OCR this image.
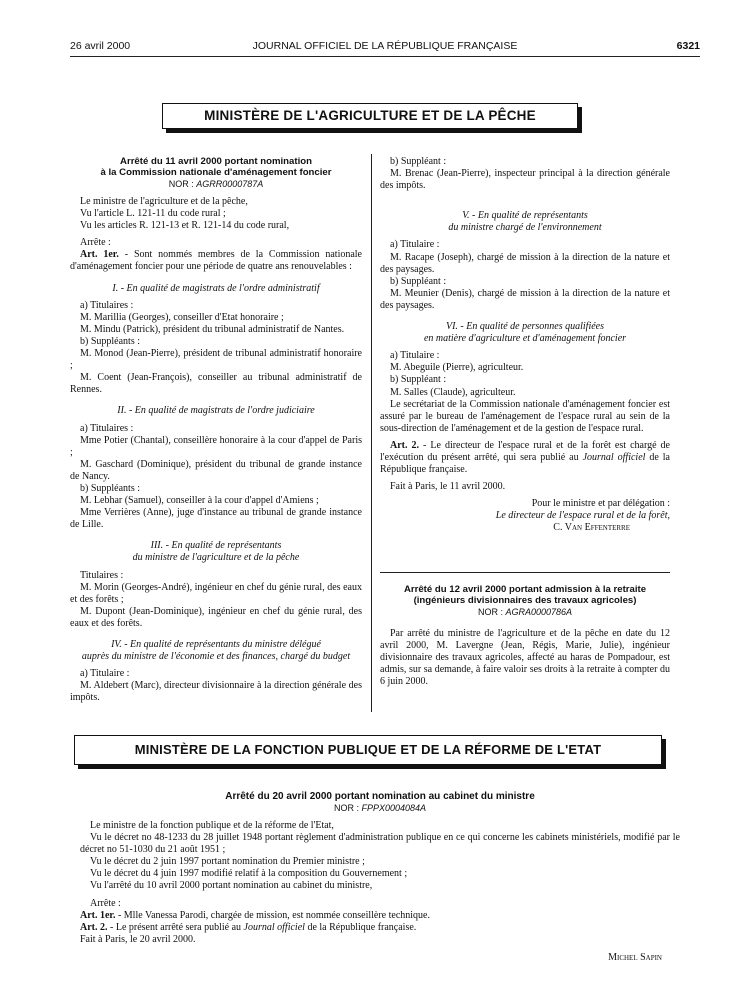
26 avril 2000	JOURNAL OFFICIEL DE LA RÉPUBLIQUE FRANÇAISE	6321
MINISTÈRE DE L'AGRICULTURE ET DE LA PÊCHE
Arrêté du 11 avril 2000 portant nomination
à la Commission nationale d'aménagement foncier
NOR : AGRR0000787A

Le ministre de l'agriculture et de la pêche,

Vu l'article L. 121-11 du code rural ;

Vu les articles R. 121-13 et R. 121-14 du code rural,

Arrête :

Art. 1er. - Sont nommés membres de la Commission nationale d'aménagement foncier pour une période de quatre ans renouvelables :

I. - En qualité de magistrats de l'ordre administratif

a) Titulaires :

M. Marillia (Georges), conseiller d'Etat honoraire ;

M. Mindu (Patrick), président du tribunal administratif de Nantes.

b) Suppléants :

M. Monod (Jean-Pierre), président de tribunal administratif honoraire ;

M. Coent (Jean-François), conseiller au tribunal administratif de Rennes.

II. - En qualité de magistrats de l'ordre judiciaire

a) Titulaires :

Mme Potier (Chantal), conseillère honoraire à la cour d'appel de Paris ;

M. Gaschard (Dominique), président du tribunal de grande instance de Nancy.

b) Suppléants :

M. Lebhar (Samuel), conseiller à la cour d'appel d'Amiens ;

Mme Verrières (Anne), juge d'instance au tribunal de grande instance de Lille.

III. - En qualité de représentants

du ministre de l'agriculture et de la pêche

Titulaires :

M. Morin (Georges-André), ingénieur en chef du génie rural, des eaux et des forêts ;

M. Dupont (Jean-Dominique), ingénieur en chef du génie rural, des eaux et des forêts.

IV. - En qualité de représentants du ministre délégué

auprès du ministre de l'économie et des finances, chargé du budget

a) Titulaire :

M. Aldebert (Marc), directeur divisionnaire à la direction générale des impôts.

b) Suppléant :

M. Brenac (Jean-Pierre), inspecteur principal à la direction générale des impôts.

V. - En qualité de représentants

du ministre chargé de l'environnement

a) Titulaire :

M. Racape (Joseph), chargé de mission à la direction de la nature et des paysages.

b) Suppléant :

M. Meunier (Denis), chargé de mission à la direction de la nature et des paysages.

VI. - En qualité de personnes qualifiées

en matière d'agriculture et d'aménagement foncier

a) Titulaire :

M. Abeguile (Pierre), agriculteur.

b) Suppléant :

M. Salles (Claude), agriculteur.

Le secrétariat de la Commission nationale d'aménagement foncier est assuré par le bureau de l'aménagement de l'espace rural au sein de la sous-direction de l'aménagement et de la gestion de l'espace rural.

Art. 2. - Le directeur de l'espace rural et de la forêt est chargé de l'exécution du présent arrêté, qui sera publié au Journal officiel de la République française.

Fait à Paris, le 11 avril 2000.

Pour le ministre et par délégation :

Le directeur de l'espace rural et de la forêt,

C. Van Effenterre

Arrêté du 12 avril 2000 portant admission à la retraite
(ingénieurs divisionnaires des travaux agricoles)
NOR : AGRA0000786A

Par arrêté du ministre de l'agriculture et de la pêche en date du 12 avril 2000, M. Lavergne (Jean, Régis, Marie, Julie), ingénieur divisionnaire des travaux agricoles, affecté au haras de Pompadour, est admis, sur sa demande, à faire valoir ses droits à la retraite à compter du 6 juin 2000.

MINISTÈRE DE LA FONCTION PUBLIQUE ET DE LA RÉFORME DE L'ETAT
Arrêté du 20 avril 2000 portant nomination au cabinet du ministre
NOR : FPPX0004084A

Le ministre de la fonction publique et de la réforme de l'Etat,

Vu le décret no 48-1233 du 28 juillet 1948 portant règlement d'administration publique en ce qui concerne les cabinets ministériels, modifié par le décret no 51-1030 du 21 août 1951 ;

Vu le décret du 2 juin 1997 portant nomination du Premier ministre ;

Vu le décret du 4 juin 1997 modifié relatif à la composition du Gouvernement ;

Vu l'arrêté du 10 avril 2000 portant nomination au cabinet du ministre,

Arrête :

Art. 1er. - Mlle Vanessa Parodi, chargée de mission, est nommée conseillère technique.

Art. 2. - Le présent arrêté sera publié au Journal officiel de la République française.

Fait à Paris, le 20 avril 2000.

Michel Sapin
